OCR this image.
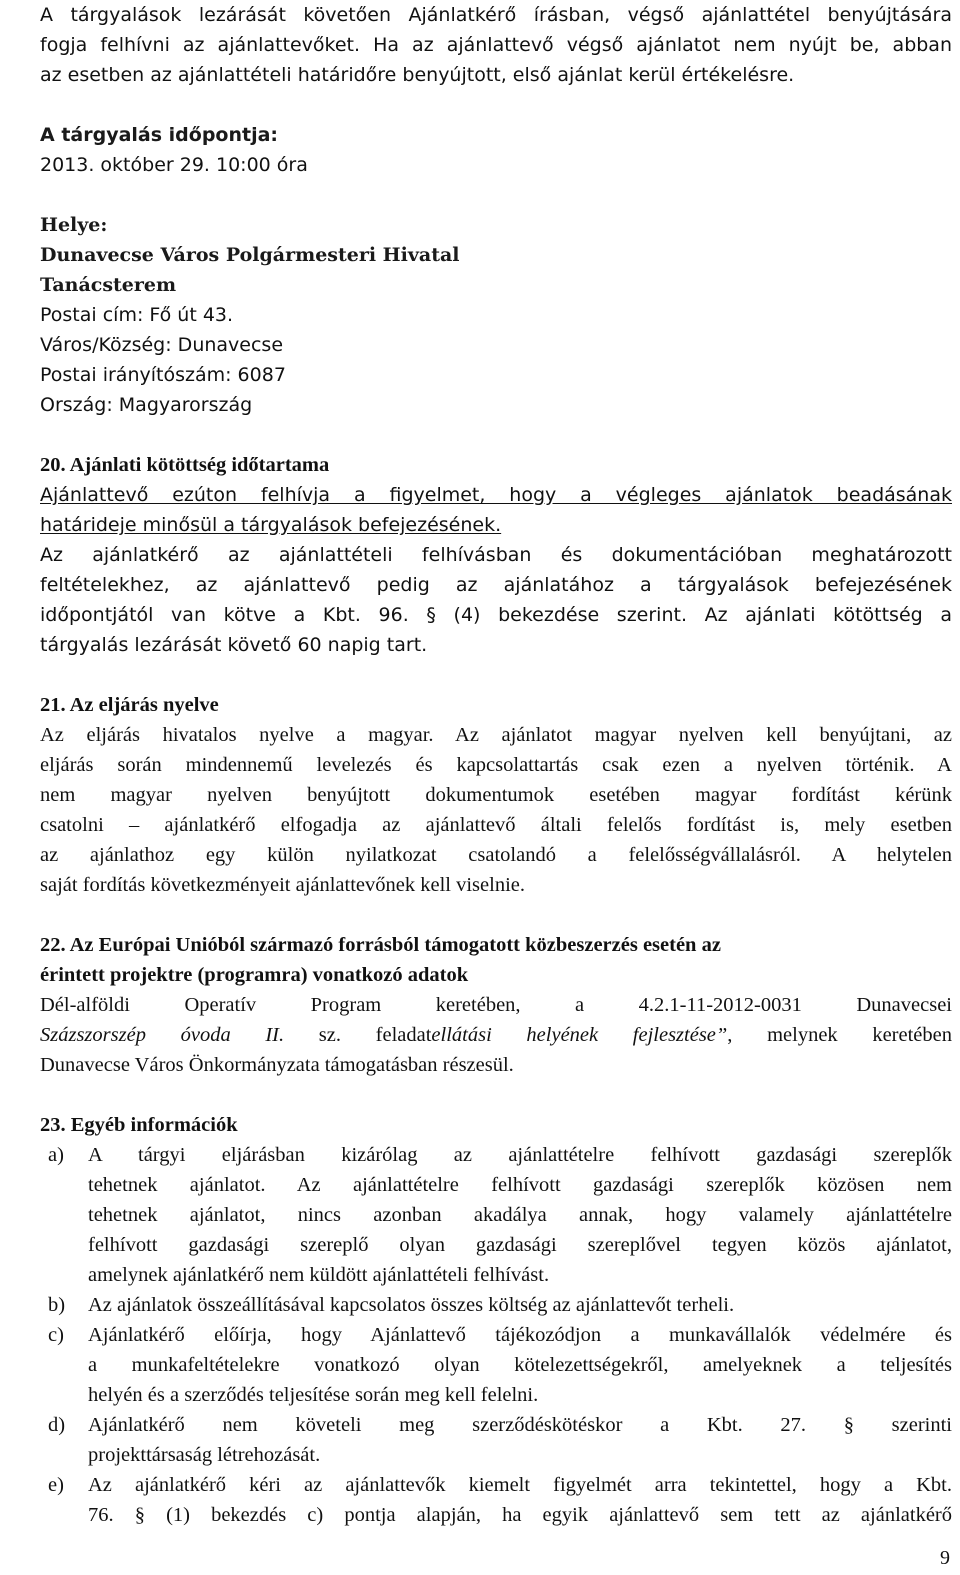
A tárgyalások lezárását követően Ajánlatkérő írásban, végső ajánlattétel benyújtására
fogja felhívni az ajánlattevőket. Ha az ajánlattevő végső ajánlatot nem nyújt be, abban
az esetben az ajánlattételi határidőre benyújtott, első ajánlat kerül értékelésre.
A tárgyalás időpontja:
2013. október 29. 10:00 óra
Helye:
Dunavecse Város Polgármesteri Hivatal
Tanácsterem
Postai cím: Fő út 43.
Város/Község: Dunavecse
Postai irányítószám: 6087
Ország: Magyarország
20. Ajánlati kötöttség időtartama
Ajánlattevő ezúton felhívja a figyelmet, hogy a végleges ajánlatok beadásának
határideje minősül a tárgyalások befejezésének.
Az ajánlatkérő az ajánlattételi felhívásban és dokumentációban meghatározott
feltételekhez, az ajánlattevő pedig az ajánlatához a tárgyalások befejezésének
időpontjától van kötve a Kbt. 96. § (4) bekezdése szerint. Az ajánlati kötöttség a
tárgyalás lezárását követő 60 napig tart.
21. Az eljárás nyelve
Az eljárás hivatalos nyelve a magyar. Az ajánlatot magyar nyelven kell benyújtani, az
eljárás során mindennemű levelezés és kapcsolattartás csak ezen a nyelven történik. A
nem magyar nyelven benyújtott dokumentumok esetében magyar fordítást kérünk
csatolni – ajánlatkérő elfogadja az ajánlattevő általi felelős fordítást is, mely esetben
az ajánlathoz egy külön nyilatkozat csatolandó a felelősségvállalásról. A helytelen
saját fordítás következményeit ajánlattevőnek kell viselnie.
22. Az Európai Unióból származó forrásból támogatott közbeszerzés esetén az
érintett projektre (programra) vonatkozó adatok
Dél-alföldi Operatív Program keretében, a 4.2.1-11-2012-0031 Dunavecsei
Százszorszép óvoda II. sz. feladatellátási helyének fejlesztése”, melynek keretében
Dunavecse Város Önkormányzata támogatásban részesül.
23. Egyéb információk
a) A tárgyi eljárásban kizárólag az ajánlattételre felhívott gazdasági szereplők
tehetnek ajánlatot. Az ajánlattételre felhívott gazdasági szereplők közösen nem
tehetnek ajánlatot, nincs azonban akadálya annak, hogy valamely ajánlattételre
felhívott gazdasági szereplő olyan gazdasági szereplővel tegyen közös ajánlatot,
amelynek ajánlatkérő nem küldött ajánlattételi felhívást.
b) Az ajánlatok összeállításával kapcsolatos összes költség az ajánlattevőt terheli.
c) Ajánlatkérő előírja, hogy Ajánlattevő tájékozódjon a munkavállalók védelmére és
a munkafeltételekre vonatkozó olyan kötelezettségekről, amelyeknek a teljesítés
helyén és a szerződés teljesítése során meg kell felelni.
d) Ajánlatkérő nem követeli meg szerződéskötéskor a Kbt. 27. § szerinti
projekttársaság létrehozását.
e) Az ajánlatkérő kéri az ajánlattevők kiemelt figyelmét arra tekintettel, hogy a Kbt.
76. § (1) bekezdés c) pontja alapján, ha egyik ajánlattevő sem tett az ajánlatkérő
9
